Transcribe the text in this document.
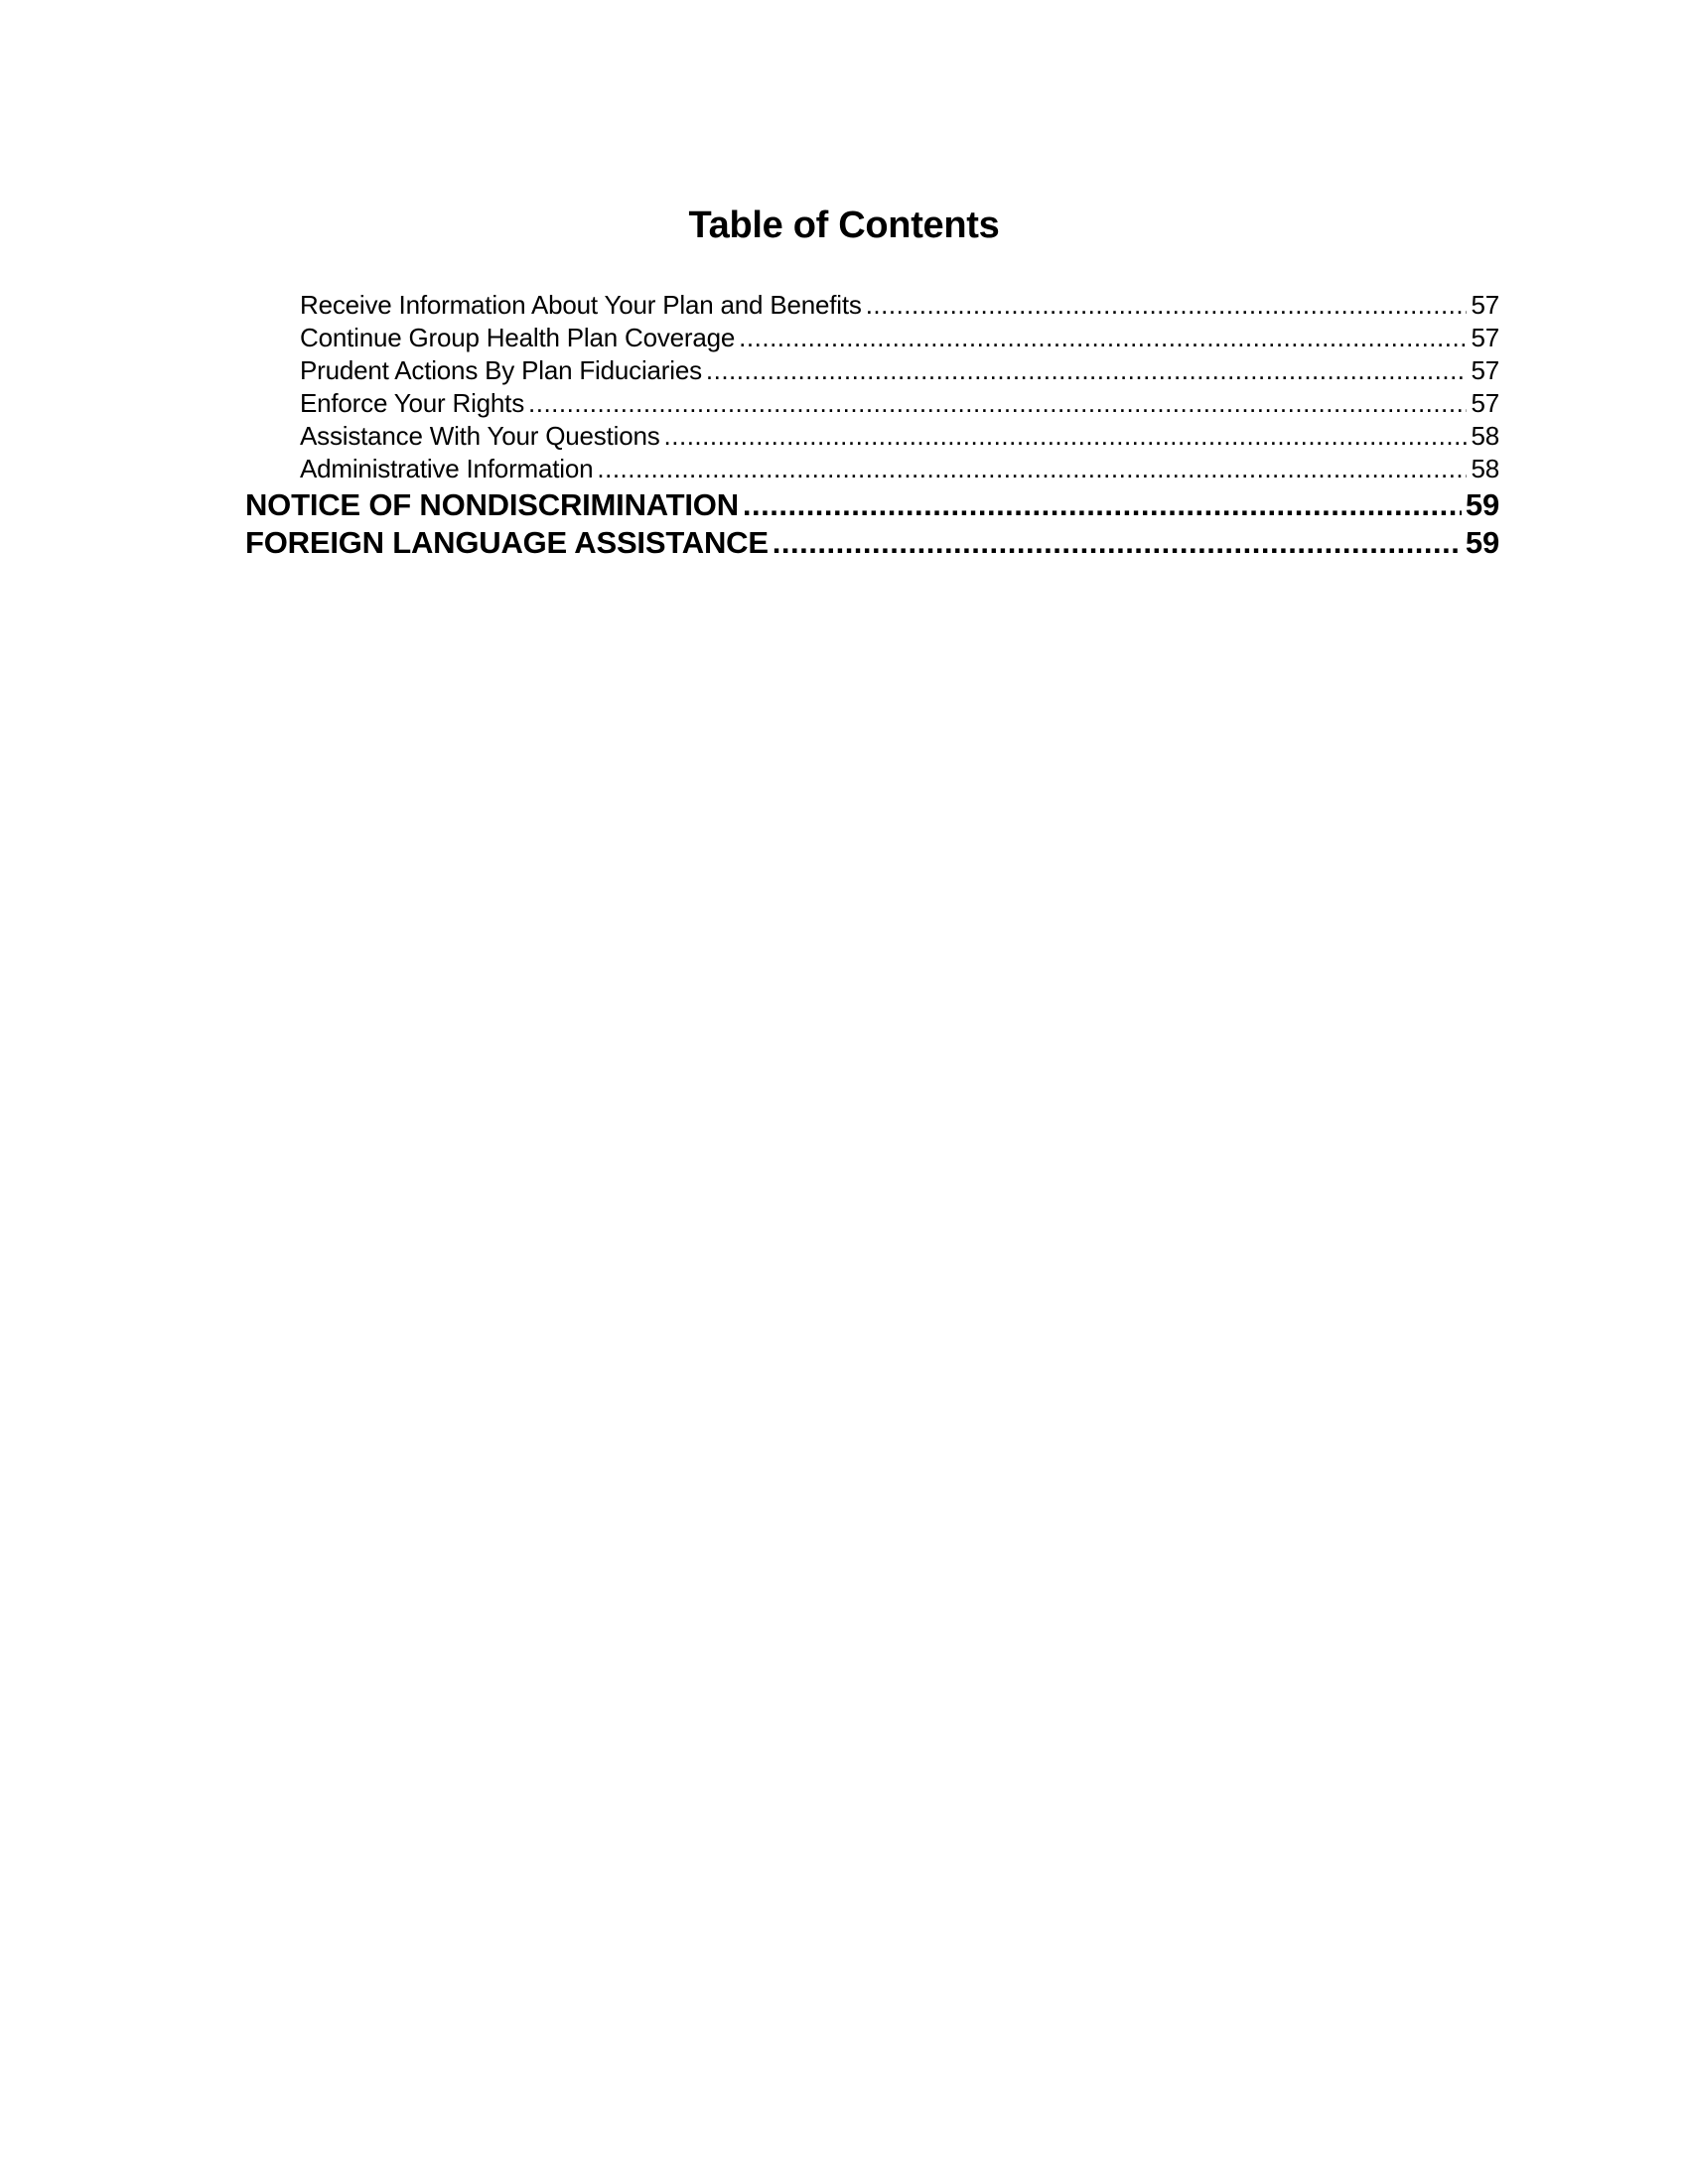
Table of Contents
Receive Information About Your Plan and Benefits .....	57
Continue Group Health Plan Coverage .....	57
Prudent Actions By Plan Fiduciaries .....	57
Enforce Your Rights .....	57
Assistance With Your Questions .....	58
Administrative Information .....	58
NOTICE OF NONDISCRIMINATION .....	59
FOREIGN LANGUAGE ASSISTANCE .....	59
